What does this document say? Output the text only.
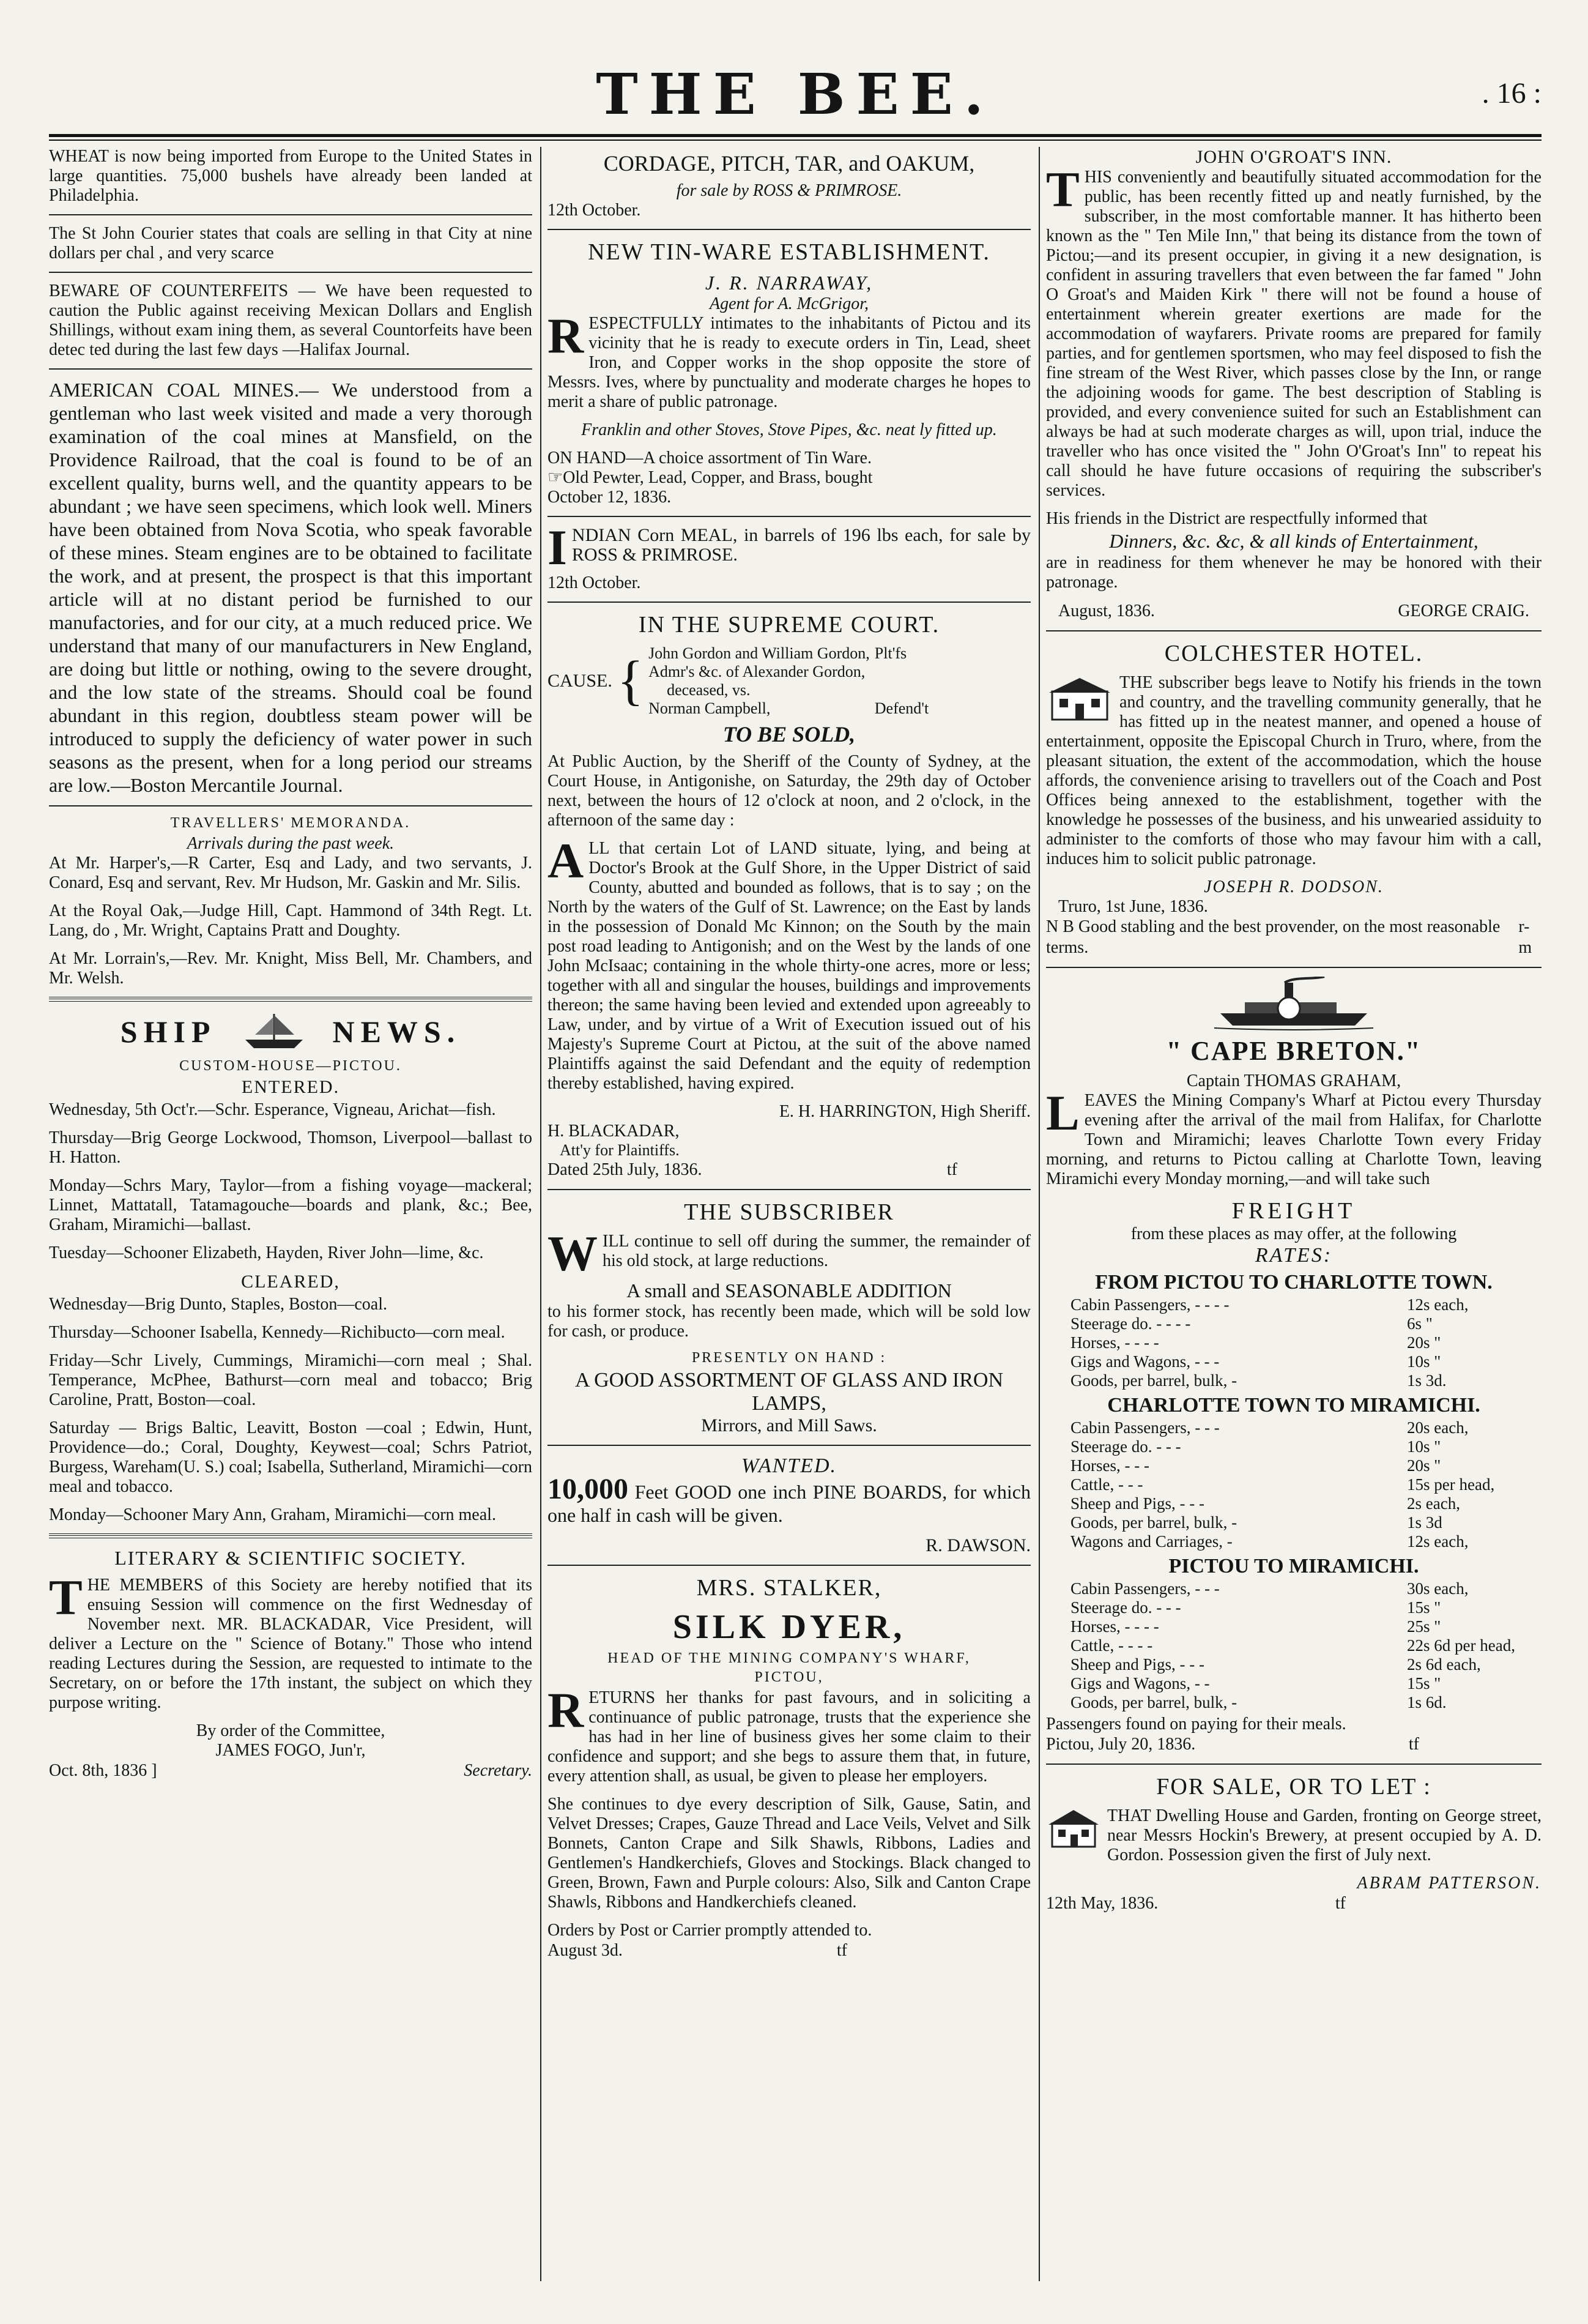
THE BEE.	. 16 :

WHEAT is now being imported from Europe to the United States in large quantities. 75,000 bushels have already been landed at Philadelphia.

The St John Courier states that coals are selling in that City at nine dollars per chal , and very scarce

BEWARE OF COUNTERFEITS — We have been requested to caution the Public against receiving Mexican Dollars and English Shillings, without exam ining them, as several Countorfeits have been detec ted during the last few days —Halifax Journal.

AMERICAN COAL MINES.— We understood from a gentleman who last week visited and made a very thorough examination of the coal mines at Mansfield, on the Providence Railroad, that the coal is found to be of an excellent quality, burns well, and the quantity appears to be abundant ; we have seen specimens, which look well. Miners have been obtained from Nova Scotia, who speak favorable of these mines. Steam engines are to be obtained to facilitate the work, and at present, the prospect is that this important article will at no distant period be furnished to our manufactories, and for our city, at a much reduced price. We understand that many of our manufacturers in New England, are doing but little or nothing, owing to the severe drought, and the low state of the streams. Should coal be found abundant in this region, doubtless steam power will be introduced to supply the deficiency of water power in such seasons as the present, when for a long period our streams are low.—Boston Mercantile Journal.

TRAVELLERS' MEMORANDA.
Arrivals during the past week.

At Mr. Harper's,—R Carter, Esq and Lady, and two servants, J. Conard, Esq and servant, Rev. Mr Hudson, Mr. Gaskin and Mr. Silis.

At the Royal Oak,—Judge Hill, Capt. Hammond of 34th Regt. Lt. Lang, do , Mr. Wright, Captains Pratt and Doughty.

At Mr. Lorrain's,—Rev. Mr. Knight, Miss Bell, Mr. Chambers, and Mr. Welsh.

SHIP	NEWS.
CUSTOM-HOUSE—PICTOU.
ENTERED.

Wednesday, 5th Oct'r.—Schr. Esperance, Vigneau, Arichat—fish.

Thursday—Brig George Lockwood, Thomson, Liverpool—ballast to H. Hatton.

Monday—Schrs Mary, Taylor—from a fishing voyage—mackeral; Linnet, Mattatall, Tatamagouche—boards and plank, &c.; Bee, Graham, Miramichi—ballast.

Tuesday—Schooner Elizabeth, Hayden, River John—lime, &c.

CLEARED,

Wednesday—Brig Dunto, Staples, Boston—coal.

Thursday—Schooner Isabella, Kennedy—Richibucto—corn meal.

Friday—Schr Lively, Cummings, Miramichi—corn meal ; Shal. Temperance, McPhee, Bathurst—corn meal and tobacco; Brig Caroline, Pratt, Boston—coal.

Saturday — Brigs Baltic, Leavitt, Boston —coal ; Edwin, Hunt, Providence—do.; Coral, Doughty, Keywest—coal; Schrs Patriot, Burgess, Wareham(U. S.) coal; Isabella, Sutherland, Miramichi—corn meal and tobacco.

Monday—Schooner Mary Ann, Graham, Miramichi—corn meal.

LITERARY & SCIENTIFIC SOCIETY.

THE MEMBERS of this Society are hereby notified that its ensuing Session will commence on the first Wednesday of November next. MR. BLACKADAR, Vice President, will deliver a Lecture on the " Science of Botany." Those who intend reading Lectures during the Session, are requested to intimate to the Secretary, on or before the 17th instant, the subject on which they purpose writing.

By order of the Committee,
JAMES FOGO, Jun'r,
Oct. 8th, 1836 ]	Secretary.
CORDAGE, PITCH, TAR, and OAKUM,
for sale by ROSS & PRIMROSE.
12th October.
NEW TIN-WARE ESTABLISHMENT.
J. R. NARRAWAY,
Agent for A. McGrigor,

RESPECTFULLY intimates to the inhabitants of Pictou and its vicinity that he is ready to execute orders in Tin, Lead, sheet Iron, and Copper works in the shop opposite the store of Messrs. Ives, where by punctuality and moderate charges he hopes to merit a share of public patronage.

Franklin and other Stoves, Stove Pipes, &c. neat ly fitted up.

ON HAND—A choice assortment of Tin Ware.

☞Old Pewter, Lead, Copper, and Brass, bought

October 12, 1836.

INDIAN Corn MEAL, in barrels of 196 lbs each, for sale by ROSS & PRIMROSE.

12th October.

IN THE SUPREME COURT.
CAUSE. { John Gordon and William Gordon,
Admr's &c. of Alexander Gordon,
deceased, vs.
Norman Campbell,
Plt'fs
Defend't
TO BE SOLD,

At Public Auction, by the Sheriff of the County of Sydney, at the Court House, in Antigonishe, on Saturday, the 29th day of October next, between the hours of 12 o'clock at noon, and 2 o'clock, in the afternoon of the same day :

ALL that certain Lot of LAND situate, lying, and being at Doctor's Brook at the Gulf Shore, in the Upper District of said County, abutted and bounded as follows, that is to say ; on the North by the waters of the Gulf of St. Lawrence; on the East by lands in the possession of Donald Mc Kinnon; on the South by the main post road leading to Antigonish; and on the West by the lands of one John McIsaac; containing in the whole thirty-one acres, more or less; together with all and singular the houses, buildings and improvements thereon; the same having been levied and extended upon agreeably to Law, under, and by virtue of a Writ of Execution issued out of his Majesty's Supreme Court at Pictou, at the suit of the above named Plaintiffs against the said Defendant and the equity of redemption thereby established, having expired.

E. H. HARRINGTON, High Sheriff.
H. BLACKADAR,
Att'y for Plaintiffs.
Dated 25th July, 1836.	tf
THE SUBSCRIBER

WILL continue to sell off during the summer, the remainder of his old stock, at large reductions.

A small and SEASONABLE ADDITION

to his former stock, has recently been made, which will be sold low for cash, or produce.

PRESENTLY ON HAND :
A GOOD ASSORTMENT OF GLASS AND IRON LAMPS,
Mirrors, and Mill Saws.
WANTED.

10,000 Feet GOOD one inch PINE BOARDS, for which one half in cash will be given.

R. DAWSON.
MRS. STALKER,
SILK DYER,
HEAD OF THE MINING COMPANY'S WHARF,
PICTOU,

RETURNS her thanks for past favours, and in soliciting a continuance of public patronage, trusts that the experience she has had in her line of business gives her some claim to their confidence and support; and she begs to assure them that, in future, every attention shall, as usual, be given to please her employers.

She continues to dye every description of Silk, Gause, Satin, and Velvet Dresses; Crapes, Gauze Thread and Lace Veils, Velvet and Silk Bonnets, Canton Crape and Silk Shawls, Ribbons, Ladies and Gentlemen's Handkerchiefs, Gloves and Stockings. Black changed to Green, Brown, Fawn and Purple colours: Also, Silk and Canton Crape Shawls, Ribbons and Handkerchiefs cleaned.

Orders by Post or Carrier promptly attended to.

August 3d.	tf
JOHN O'GROAT'S INN.

THIS conveniently and beautifully situated accommodation for the public, has been recently fitted up and neatly furnished, by the subscriber, in the most comfortable manner. It has hitherto been known as the " Ten Mile Inn," that being its distance from the town of Pictou;—and its present occupier, in giving it a new designation, is confident in assuring travellers that even between the far famed " John O Groat's and Maiden Kirk " there will not be found a house of entertainment wherein greater exertions are made for the accommodation of wayfarers. Private rooms are prepared for family parties, and for gentlemen sportsmen, who may feel disposed to fish the fine stream of the West River, which passes close by the Inn, or range the adjoining woods for game. The best description of Stabling is provided, and every convenience suited for such an Establishment can always be had at such moderate charges as will, upon trial, induce the traveller who has once visited the " John O'Groat's Inn" to repeat his call should he have future occasions of requiring the subscriber's services.

His friends in the District are respectfully informed that

Dinners, &c. &c, & all kinds of Entertainment,

are in readiness for them whenever he may be honored with their patronage.

August, 1836.	GEORGE CRAIG.
COLCHESTER HOTEL.

THE subscriber begs leave to Notify his friends in the town and country, and the travelling community generally, that he has fitted up in the neatest manner, and opened a house of entertainment, opposite the Episcopal Church in Truro, where, from the pleasant situation, the extent of the accommodation, which the house affords, the convenience arising to travellers out of the Coach and Post Offices being annexed to the establishment, together with the knowledge he possesses of the business, and his unwearied assiduity to administer to the comforts of those who may favour him with a call, induces him to solicit public patronage.

JOSEPH R. DODSON.
Truro, 1st June, 1836.
N B Good stabling and the best provender, on the most reasonable terms.
r-m
" CAPE BRETON."
Captain THOMAS GRAHAM,

LEAVES the Mining Company's Wharf at Pictou every Thursday evening after the arrival of the mail from Halifax, for Charlotte Town and Miramichi; leaves Charlotte Town every Friday morning, and returns to Pictou calling at Charlotte Town, leaving Miramichi every Monday morning,—and will take such

FREIGHT
from these places as may offer, at the following
RATES:
FROM PICTOU TO CHARLOTTE TOWN.
Cabin Passengers, - - - -	12s each,
Steerage do. - - - -	6s "
Horses, - - - -	20s "
Gigs and Wagons, - - -	10s "
Goods, per barrel, bulk, -	1s 3d.
CHARLOTTE TOWN TO MIRAMICHI.
Cabin Passengers, - - -	20s each,
Steerage do. - - -	10s "
Horses, - - -	20s "
Cattle, - - -	15s per head,
Sheep and Pigs, - - -	2s each,
Goods, per barrel, bulk, -	1s 3d
Wagons and Carriages, -	12s each,
PICTOU TO MIRAMICHI.
Cabin Passengers, - - -	30s each,
Steerage do. - - -	15s "
Horses, - - - -	25s "
Cattle, - - - -	22s 6d per head,
Sheep and Pigs, - - -	2s 6d each,
Gigs and Wagons, - -	15s "
Goods, per barrel, bulk, -	1s 6d.

Passengers found on paying for their meals.

Pictou, July 20, 1836.	tf
FOR SALE, OR TO LET :

THAT Dwelling House and Garden, fronting on George street, near Messrs Hockin's Brewery, at present occupied by A. D. Gordon. Possession given the first of July next.

ABRAM PATTERSON.
12th May, 1836.	tf
